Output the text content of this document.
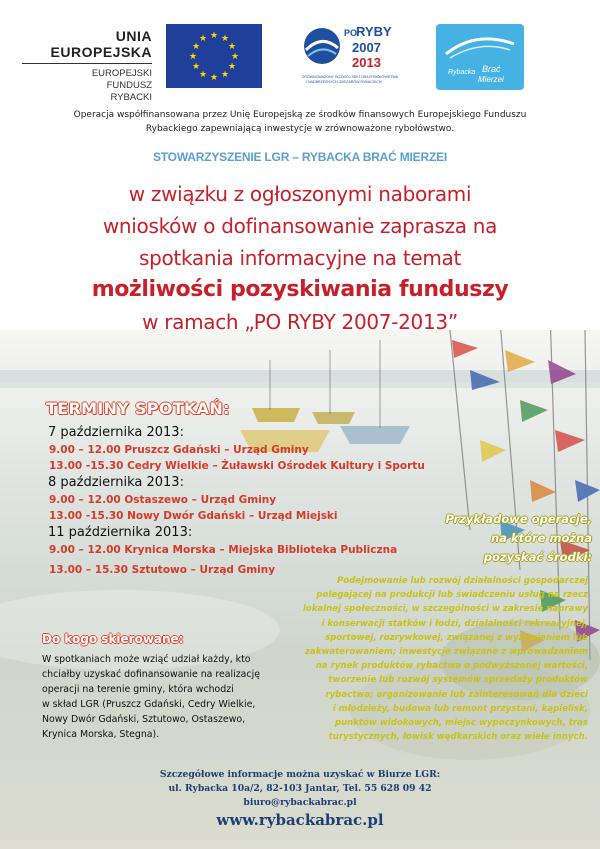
UNIA EUROPEJSKA
EUROPEJSKI
FUNDUSZ
RYBACKI
★ ★
★
★
★
★
★
★
★
★
★
★
PO
RYBY
2007
2013
ZRÓWNOWAŻONY ROZWÓJ SEKTORA RYBOŁÓWSTWA
I NADBRZEŻNYCH OBSZARÓW RYBACKICH
Rybacka Brać
Mierzei
Operacja współfinansowana przez Unię Europejską ze środków finansowych Europejskiego Funduszu
Rybackiego zapewniającą inwestycje w zrównoważone rybołówstwo.
STOWARZYSZENIE LGR – RYBACKA BRAĆ MIERZEI
w związku z ogłoszonymi naborami
wniosków o dofinansowanie zaprasza na
spotkania informacyjne na temat
możliwości pozyskiwania funduszy
w ramach „PO RYBY 2007-2013”
TERMINY SPOTKAŃ:
7 października 2013:
9.00 – 12.00 Pruszcz Gdański – Urząd Gminy
13.00 -15.30 Cedry Wielkie – Żuławski Ośrodek Kultury i Sportu
8 października 2013:
9.00 – 12.00 Ostaszewo – Urząd Gminy
13.00 -15.30 Nowy Dwór Gdański – Urząd Miejski
11 października 2013:
9.00 – 12.00 Krynica Morska – Miejska Biblioteka Publiczna
13.00 – 15.30 Sztutowo – Urząd Gminy
Przykładowe operacje,
na które można
pozyskać środki:
Podejmowanie lub rozwój działalności gospodarczej
polegającej na produkcji lub świadczeniu usług na rzecz
lokalnej społeczności, w szczególności w zakresie naprawy
i konserwacji statków i łodzi, działalności rekreacyjnej,
sportowej, rozrywkowej, związanej z wyżywieniem lub
zakwaterowaniem; inwestycje związane z wprowadzaniem
na rynek produktów rybactwa o podwyższonej wartości,
tworzenie lub rozwój systemów sprzedaży produktów
rybactwa; organizowanie lub zainteresowań dla dzieci
i młodzieży, budowa lub remont przystani, kąpielisk,
punktów widokowych, miejsc wypoczynkowych, tras
turystycznych, łowisk wędkarskich oraz wiele innych.
Do kogo skierowane:
W spotkaniach może wziąć udział każdy, kto
chciałby uzyskać dofinansowanie na realizację
operacji na terenie gminy, która wchodzi
w skład LGR (Pruszcz Gdański, Cedry Wielkie,
Nowy Dwór Gdański, Sztutowo, Ostaszewo,
Krynica Morska, Stegna).
Szczegółowe informacje można uzyskać w Biurze LGR:
ul. Rybacka 10a/2, 82-103 Jantar, Tel. 55 628 09 42
biuro@rybackabrac.pl
www.rybackabrac.pl
